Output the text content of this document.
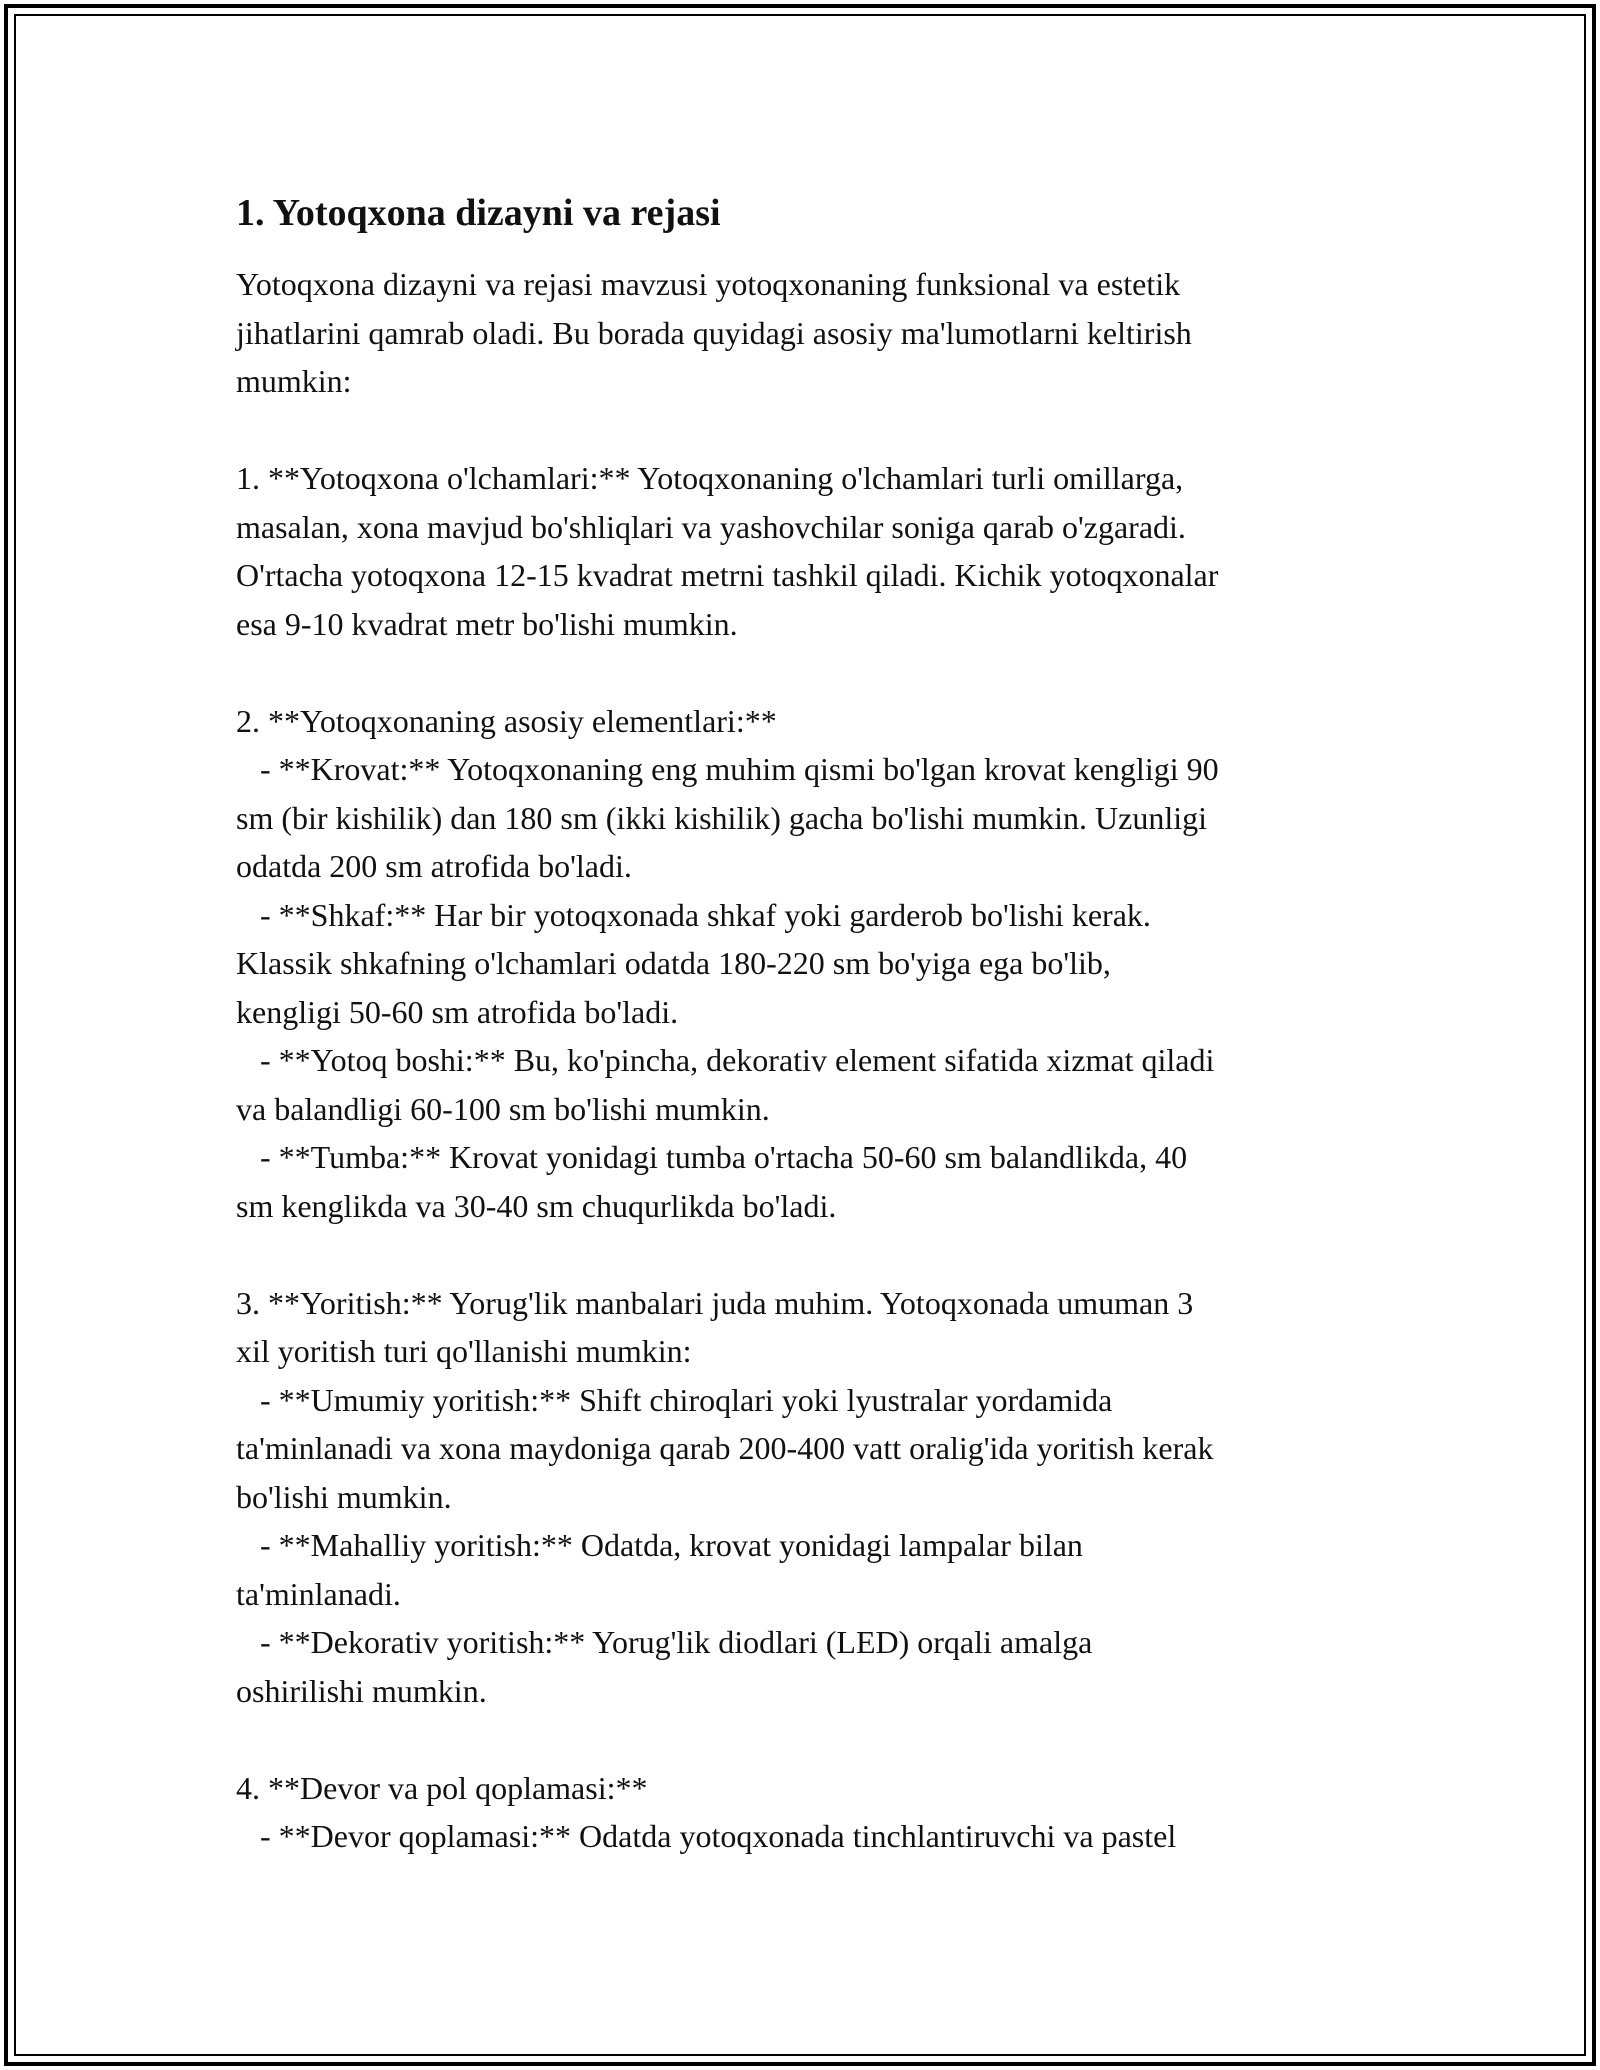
1. Yotoqxona dizayni va rejasi

Yotoqxona dizayni va rejasi mavzusi yotoqxonaning funksional va estetik
jihatlarini qamrab oladi. Bu borada quyidagi asosiy ma'lumotlarni keltirish
mumkin:

1. **Yotoqxona o'lchamlari:** Yotoqxonaning o'lchamlari turli omillarga,
masalan, xona mavjud bo'shliqlari va yashovchilar soniga qarab o'zgaradi.
O'rtacha yotoqxona 12-15 kvadrat metrni tashkil qiladi. Kichik yotoqxonalar
esa 9-10 kvadrat metr bo'lishi mumkin.

2. **Yotoqxonaning asosiy elementlari:**
- **Krovat:** Yotoqxonaning eng muhim qismi bo'lgan krovat kengligi 90
sm (bir kishilik) dan 180 sm (ikki kishilik) gacha bo'lishi mumkin. Uzunligi
odatda 200 sm atrofida bo'ladi.
- **Shkaf:** Har bir yotoqxonada shkaf yoki garderob bo'lishi kerak.
Klassik shkafning o'lchamlari odatda 180-220 sm bo'yiga ega bo'lib,
kengligi 50-60 sm atrofida bo'ladi.
- **Yotoq boshi:** Bu, ko'pincha, dekorativ element sifatida xizmat qiladi
va balandligi 60-100 sm bo'lishi mumkin.
- **Tumba:** Krovat yonidagi tumba o'rtacha 50-60 sm balandlikda, 40
sm kenglikda va 30-40 sm chuqurlikda bo'ladi.

3. **Yoritish:** Yorug'lik manbalari juda muhim. Yotoqxonada umuman 3
xil yoritish turi qo'llanishi mumkin:
- **Umumiy yoritish:** Shift chiroqlari yoki lyustralar yordamida
ta'minlanadi va xona maydoniga qarab 200-400 vatt oralig'ida yoritish kerak
bo'lishi mumkin.
- **Mahalliy yoritish:** Odatda, krovat yonidagi lampalar bilan
ta'minlanadi.
- **Dekorativ yoritish:** Yorug'lik diodlari (LED) orqali amalga
oshirilishi mumkin.

4. **Devor va pol qoplamasi:**
- **Devor qoplamasi:** Odatda yotoqxonada tinchlantiruvchi va pastel
